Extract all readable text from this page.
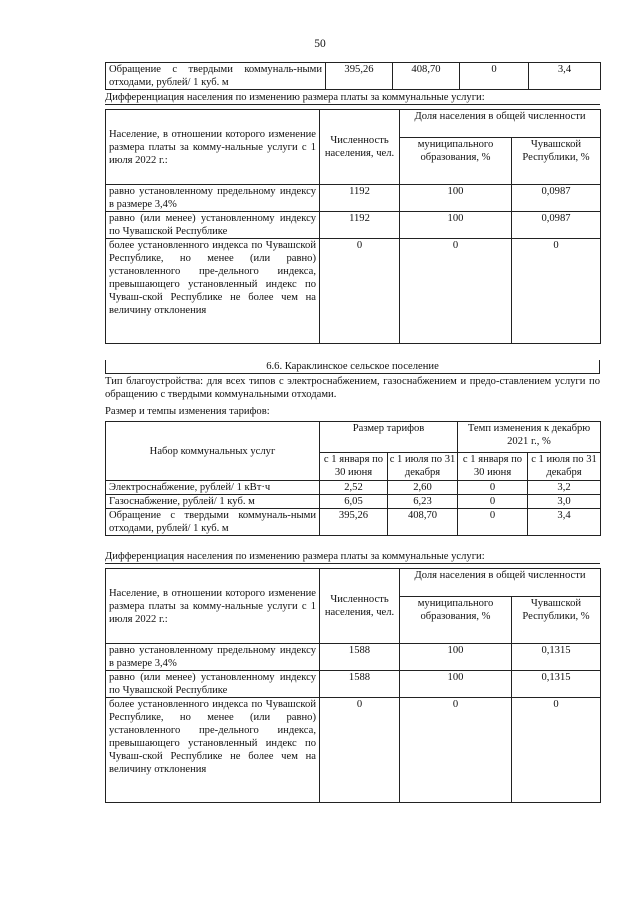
50
Обращение с твердыми коммуналь-ными отходами, рублей/ 1 куб. м	395,26	408,70	0	3,4
Дифференциация населения по изменению размера платы за коммунальные услуги:
Население, в отношении которого изменение размера платы за комму-нальные услуги с 1 июля 2022 г.:	Численность населения, чел.	Доля населения в общей численности	
		муниципального образования, %	Чувашской Республики, %
равно установленному предельному индексу в размере 3,4%	1192	100	0,0987
равно (или менее) установленному индексу по Чувашской Республике	1192	100	0,0987
более установленного индекса по Чувашской Республике, но менее (или равно) установленного пре-дельного индекса, превышающего установленный индекс по Чуваш-ской Республике не более чем на величину отклонения	0	0	0
6.6. Караклинское сельское поселение
Тип благоустройства: для всех типов с электроснабжением, газоснабжением и предо-ставлением услуги по обращению с твердыми коммунальными отходами.
Размер и темпы изменения тарифов:
Набор коммунальных услуг	Размер тарифов		Темп изменения к декабрю 2021 г., %	
	с 1 января по 30 июня	с 1 июля по 31 декабря	с 1 января по 30 июня	с 1 июля по 31 декабря
Электроснабжение, рублей/ 1 кВт·ч	2,52	2,60	0	3,2
Газоснабжение, рублей/ 1 куб. м	6,05	6,23	0	3,0
Обращение с твердыми коммуналь-ными отходами, рублей/ 1 куб. м	395,26	408,70	0	3,4
Дифференциация населения по изменению размера платы за коммунальные услуги:
Население, в отношении которого изменение размера платы за комму-нальные услуги с 1 июля 2022 г.:	Численность населения, чел.	Доля населения в общей численности	
		муниципального образования, %	Чувашской Республики, %
равно установленному предельному индексу в размере 3,4%	1588	100	0,1315
равно (или менее) установленному индексу по Чувашской Республике	1588	100	0,1315
более установленного индекса по Чувашской Республике, но менее (или равно) установленного пре-дельного индекса, превышающего установленный индекс по Чуваш-ской Республике не более чем на величину отклонения	0	0	0
